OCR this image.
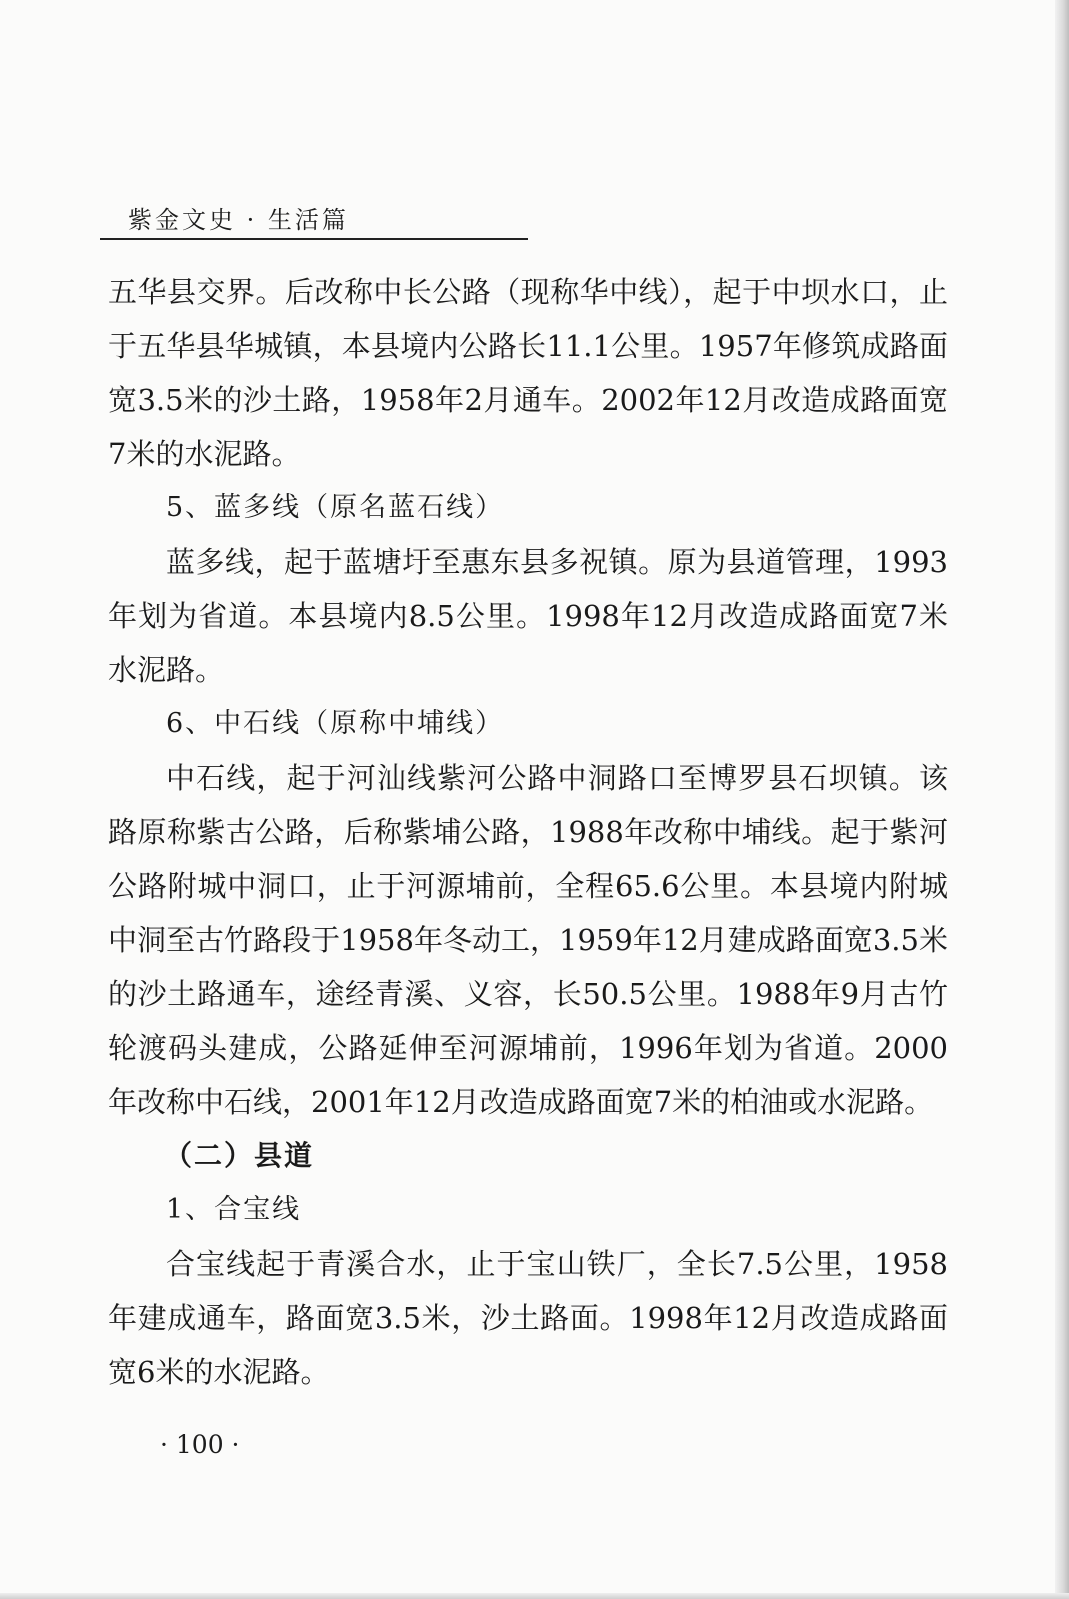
紫金文史 · 生活篇

五华县交界。后改称中长公路（现称华中线），起于中坝水口，止于五华县华城镇，本县境内公路长11.1公里。1957年修筑成路面宽3.5米的沙土路，1958年2月通车。2002年12月改造成路面宽7米的水泥路。

5、蓝多线（原名蓝石线）

蓝多线，起于蓝塘圩至惠东县多祝镇。原为县道管理，1993年划为省道。本县境内8.5公里。1998年12月改造成路面宽7米水泥路。

6、中石线（原称中埔线）

中石线，起于河汕线紫河公路中洞路口至博罗县石坝镇。该路原称紫古公路，后称紫埔公路，1988年改称中埔线。起于紫河公路附城中洞口，止于河源埔前，全程65.6公里。本县境内附城中洞至古竹路段于1958年冬动工，1959年12月建成路面宽3.5米的沙土路通车，途经青溪、义容，长50.5公里。1988年9月古竹轮渡码头建成，公路延伸至河源埔前，1996年划为省道。2000年改称中石线，2001年12月改造成路面宽7米的柏油或水泥路。

（二）县道

1、合宝线

合宝线起于青溪合水，止于宝山铁厂，全长7.5公里，1958年建成通车，路面宽3.5米，沙土路面。1998年12月改造成路面宽6米的水泥路。

· 100 ·
